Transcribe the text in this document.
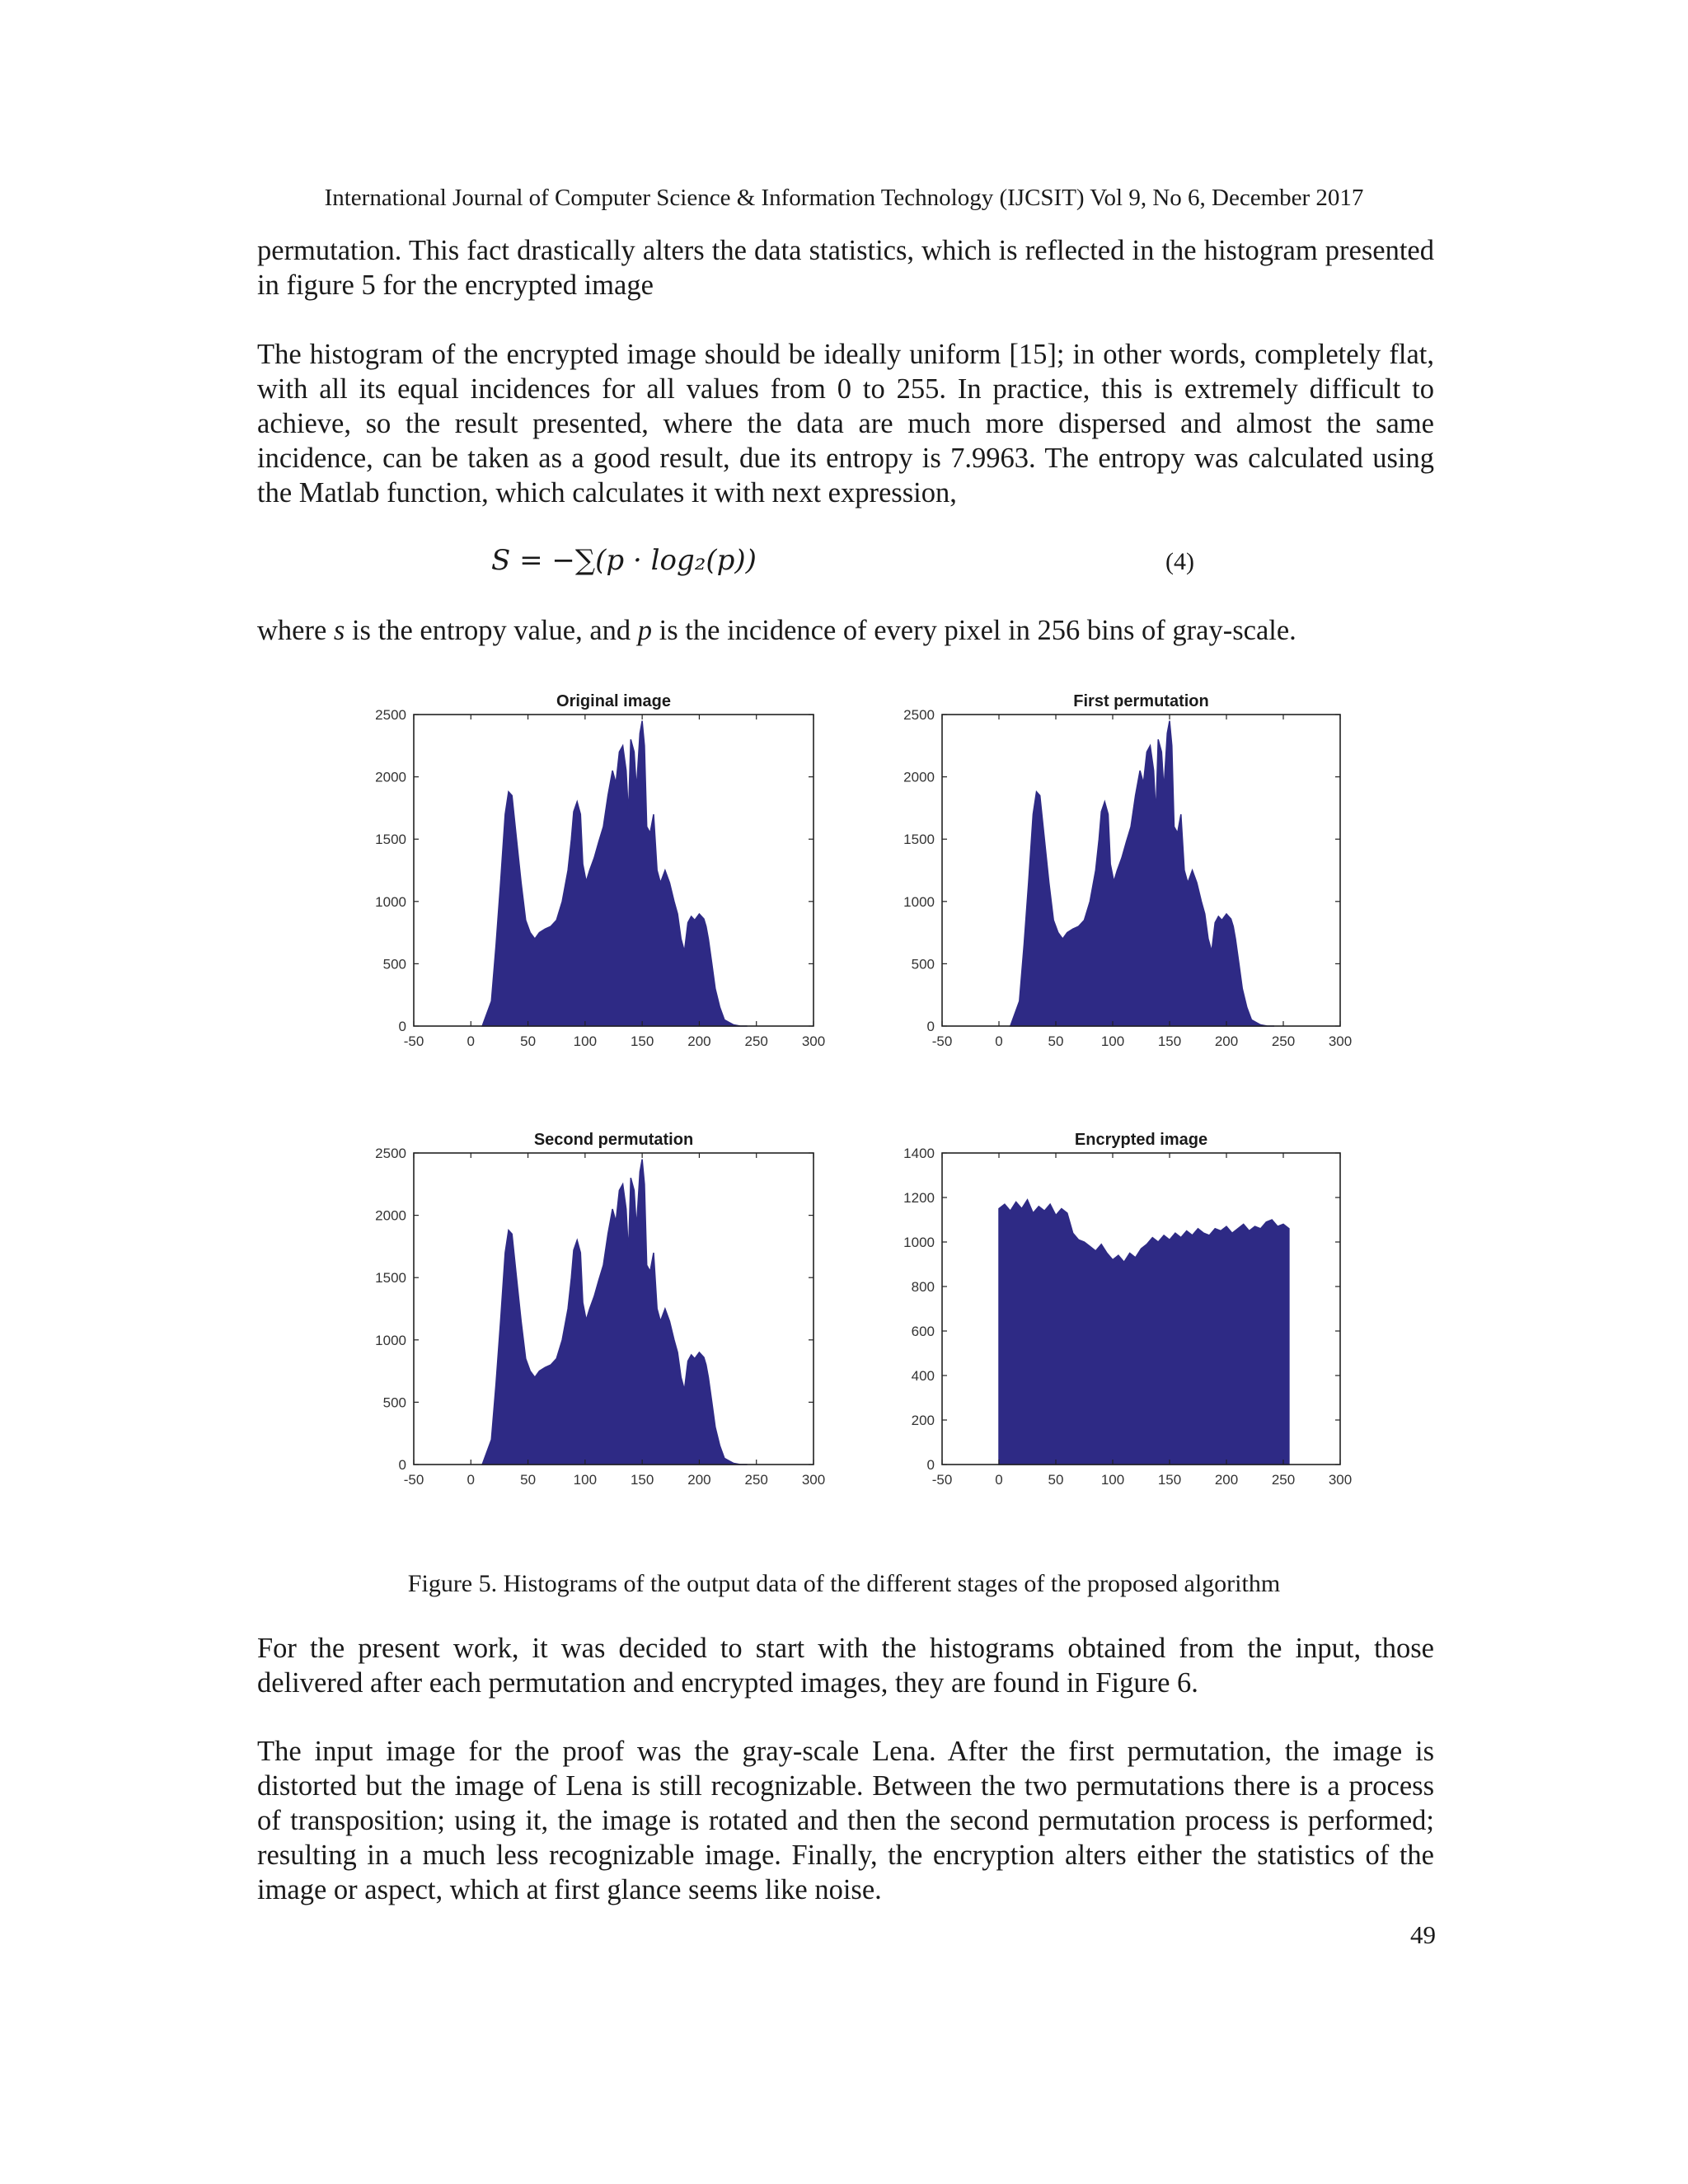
International Journal of Computer Science & Information Technology (IJCSIT) Vol 9, No 6, December 2017

permutation. This fact drastically alters the data statistics, which is reflected in the histogram presented in figure 5 for the encrypted image

The histogram of the encrypted image should be ideally uniform [15]; in other words, completely flat, with all its equal incidences for all values from 0 to 255. In practice, this is extremely difficult to achieve, so the result presented, where the data are much more dispersed and almost the same incidence, can be taken as a good result, due its entropy is 7.9963. The entropy was calculated using the Matlab function, which calculates it with next expression,

S = −∑(p · log₂(p))	(4)

where s is the entropy value, and p is the incidence of every pixel in 256 bins of gray-scale.

Original image
-50	0	50	100 150 200 250 300
0
500
1000
1500
2000
2500
First permutation
-50	0	50	100 150 200 250 300
0
500
1000
1500
2000
2500
Second permutation
-50	0	50	100 150 200 250 300
0
500
1000
1500
2000
2500
Encrypted image
-50	0	50	100 150 200 250 300
0
200
400
600
800
1000
1200
1400
Figure 5. Histograms of the output data of the different stages of the proposed algorithm

For the present work, it was decided to start with the histograms obtained from the input, those delivered after each permutation and encrypted images, they are found in Figure 6.

The input image for the proof was the gray-scale Lena. After the first permutation, the image is distorted but the image of Lena is still recognizable. Between the two permutations there is a process of transposition; using it, the image is rotated and then the second permutation process is performed; resulting in a much less recognizable image. Finally, the encryption alters either the statistics of the image or aspect, which at first glance seems like noise.

49
